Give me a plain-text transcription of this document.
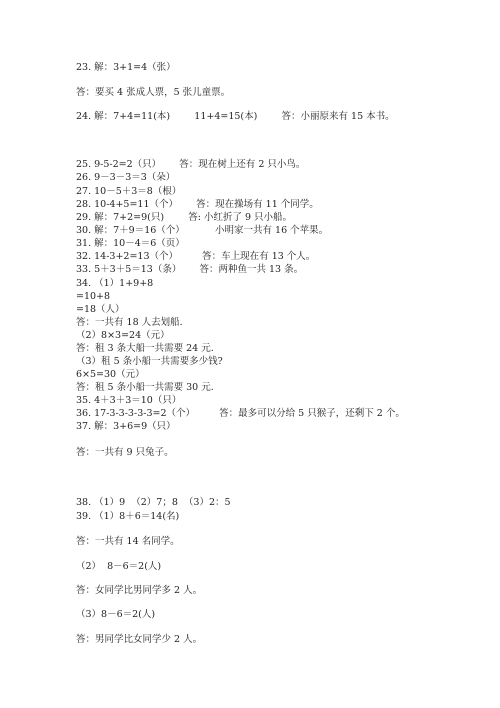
23. 解：3+1=4（张）
答：要买 4 张成人票，5 张儿童票。
24. 解：7+4=11(本)        11+4=15(本)        答：小丽原来有 15 本书。
25. 9-5-2=2（只）      答：现在树上还有 2 只小鸟。
26. 9－3－3＝3（朵）
27. 10－5＋3＝8（根）
28. 10-4+5=11（个）      答：现在操场有 11 个同学。
29. 解：7+2=9(只)        答: 小红折了 9 只小船。
30. 解：7＋9＝16（个）          小明家一共有 16 个苹果。
31. 解：10－4＝6（页）
32. 14-3+2=13（个）        答：车上现在有 13 个人。
33. 5＋3＋5＝13（条）      答：两种鱼一共 13 条。
34. （1）1+9+8
=10+8
=18（人）
答：一共有 18 人去划船.
（2）8×3=24（元）
答：租 3 条大船一共需要 24 元.
（3）租 5 条小船一共需要多少钱?
6×5=30（元）
答：租 5 条小船一共需要 30 元.
35. 4＋3＋3＝10（只）
36. 17-3-3-3-3-3=2（个）        答：最多可以分给 5 只猴子，还剩下 2 个。
37. 解：3+6=9（只）
答：一共有 9 只兔子。
38. （1）9  （2）7；8  （3）2：5
39. （1）8＋6＝14(名)
答：一共有 14 名同学。
（2）  8－6＝2(人)
答：女同学比男同学多 2 人。
（3）8－6＝2(人)
答：男同学比女同学少 2 人。
